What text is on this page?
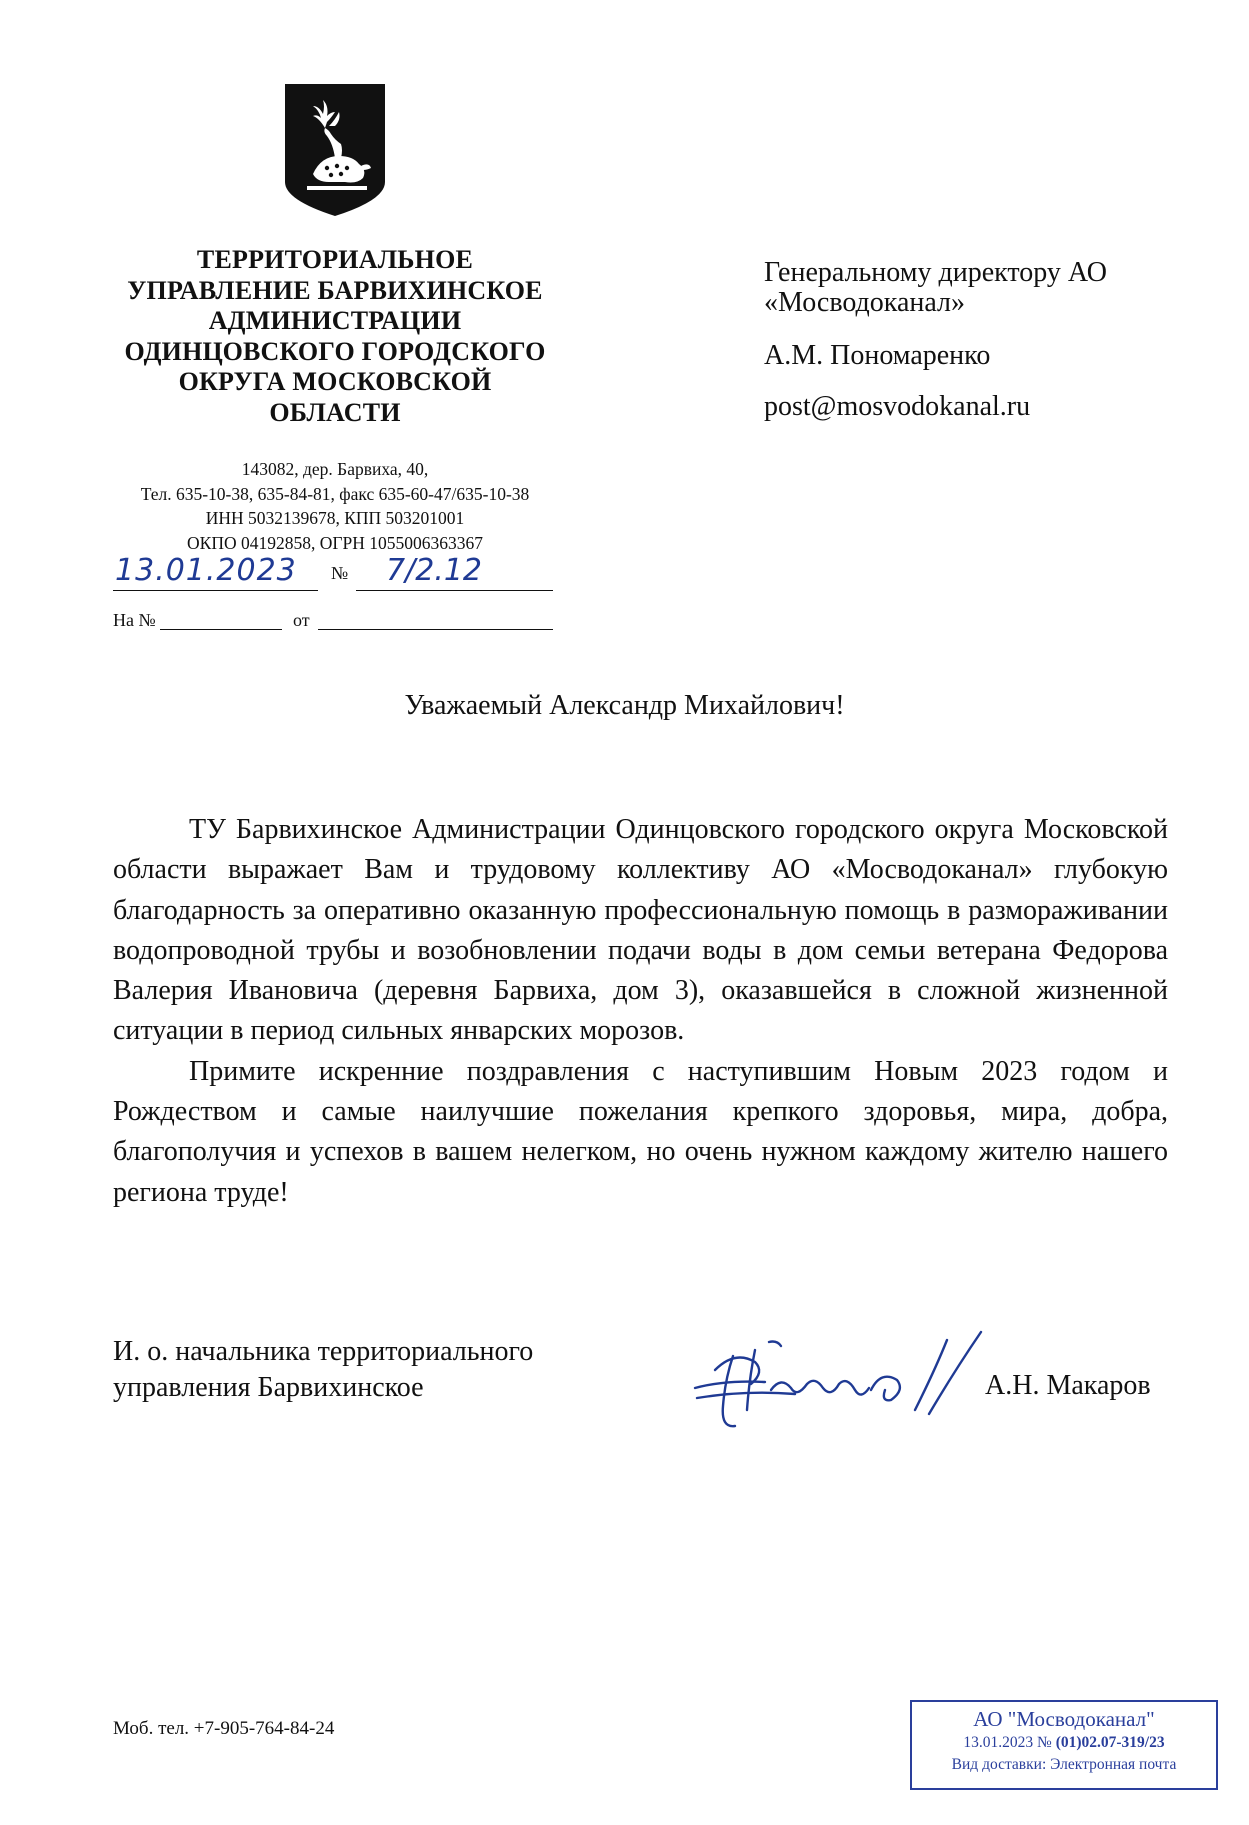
ТЕРРИТОРИАЛЬНОЕ
УПРАВЛЕНИЕ БАРВИХИНСКОЕ
АДМИНИСТРАЦИИ
ОДИНЦОВСКОГО ГОРОДСКОГО
ОКРУГА МОСКОВСКОЙ
ОБЛАСТИ
143082, дер. Барвиха, 40,
Тел. 635-10-38, 635-84-81, факс 635-60-47/635-10-38
ИНН 5032139678, КПП 503201001
ОКПО 04192858, ОГРН 1055006363367
13.01.2023	№	7/2.12
На №	от
Генеральному директору АО «Мосводоканал»
А.М. Пономаренко
post@mosvodokanal.ru
Уважаемый Александр Михайлович!

ТУ Барвихинское Администрации Одинцовского городского округа Московской области выражает Вам и трудовому коллективу АО «Мосводоканал» глубокую благодарность за оперативно оказанную профессиональную помощь в размораживании водопроводной трубы и возобновлении подачи воды в дом семьи ветерана Федорова Валерия Ивановича (деревня Барвиха, дом 3), оказавшейся в сложной жизненной ситуации в период сильных январских морозов.

Примите искренние поздравления с наступившим Новым 2023 годом и Рождеством и самые наилучшие пожелания крепкого здоровья, мира, добра, благополучия и успехов в вашем нелегком, но очень нужном каждому жителю нашего региона труде!

И. о. начальника территориального
управления Барвихинское	А.Н. Макаров
Моб. тел. +7-905-764-84-24	АО "Мосводоканал"
13.01.2023 № (01)02.07-319/23
Вид доставки: Электронная почта
